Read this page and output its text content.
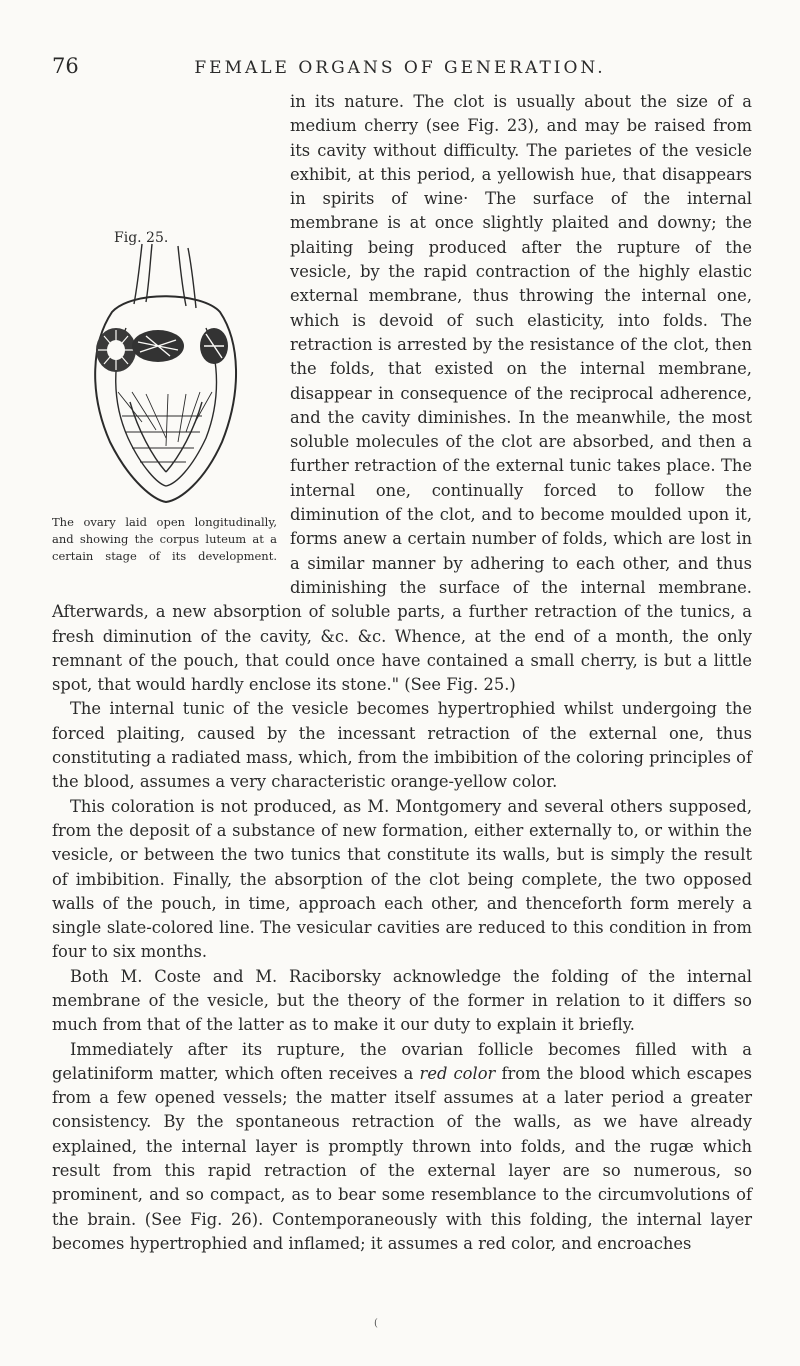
76	FEMALE ORGANS OF GENERATION.
Fig. 25.
The ovary laid open longitudinally, and showing the corpus luteum at a certain stage of its development.

in its nature. The clot is usually about the size of a medium cherry (see Fig. 23), and may be raised from its cavity without difficulty. The parietes of the vesicle exhibit, at this period, a yellowish hue, that disappears in spirits of wine· The surface of the internal membrane is at once slightly plaited and downy; the plaiting being produced after the rupture of the vesicle, by the rapid contraction of the highly elastic external membrane, thus throwing the internal one, which is devoid of such elasticity, into folds. The retraction is arrested by the resistance of the clot, then the folds, that existed on the internal membrane, disappear in consequence of the reciprocal adherence, and the cavity diminishes. In the meanwhile, the most soluble molecules of the clot are absorbed, and then a further retraction of the external tunic takes place. The internal one, continually forced to follow the diminution of the clot, and to become moulded upon it, forms anew a certain number of folds, which are lost in a similar manner by adhering to each other, and thus diminishing the surface of the internal membrane. Afterwards, a new absorption of soluble parts, a further retraction of the tunics, a fresh diminution of the cavity, &c. &c. Whence, at the end of a month, the only remnant of the pouch, that could once have contained a small cherry, is but a little spot, that would hardly enclose its stone." (See Fig. 25.)

The internal tunic of the vesicle becomes hypertrophied whilst undergoing the forced plaiting, caused by the incessant retraction of the external one, thus constituting a radiated mass, which, from the imbibition of the coloring principles of the blood, assumes a very characteristic orange-yellow color.

This coloration is not produced, as M. Montgomery and several others supposed, from the deposit of a substance of new formation, either externally to, or within the vesicle, or between the two tunics that constitute its walls, but is simply the result of imbibition. Finally, the absorption of the clot being complete, the two opposed walls of the pouch, in time, approach each other, and thenceforth form merely a single slate-colored line. The vesicular cavities are reduced to this condition in from four to six months.

Both M. Coste and M. Raciborsky acknowledge the folding of the internal membrane of the vesicle, but the theory of the former in relation to it differs so much from that of the latter as to make it our duty to explain it briefly.

Immediately after its rupture, the ovarian follicle becomes filled with a gelatiniform matter, which often receives a red color from the blood which escapes from a few opened vessels; the matter itself assumes at a later period a greater consistency. By the spontaneous retraction of the walls, as we have already explained, the internal layer is promptly thrown into folds, and the rugæ which result from this rapid retraction of the external layer are so numerous, so prominent, and so compact, as to bear some resemblance to the circumvolutions of the brain. (See Fig. 26). Contemporaneously with this folding, the internal layer becomes hypertrophied and inflamed; it assumes a red color, and encroaches

(
